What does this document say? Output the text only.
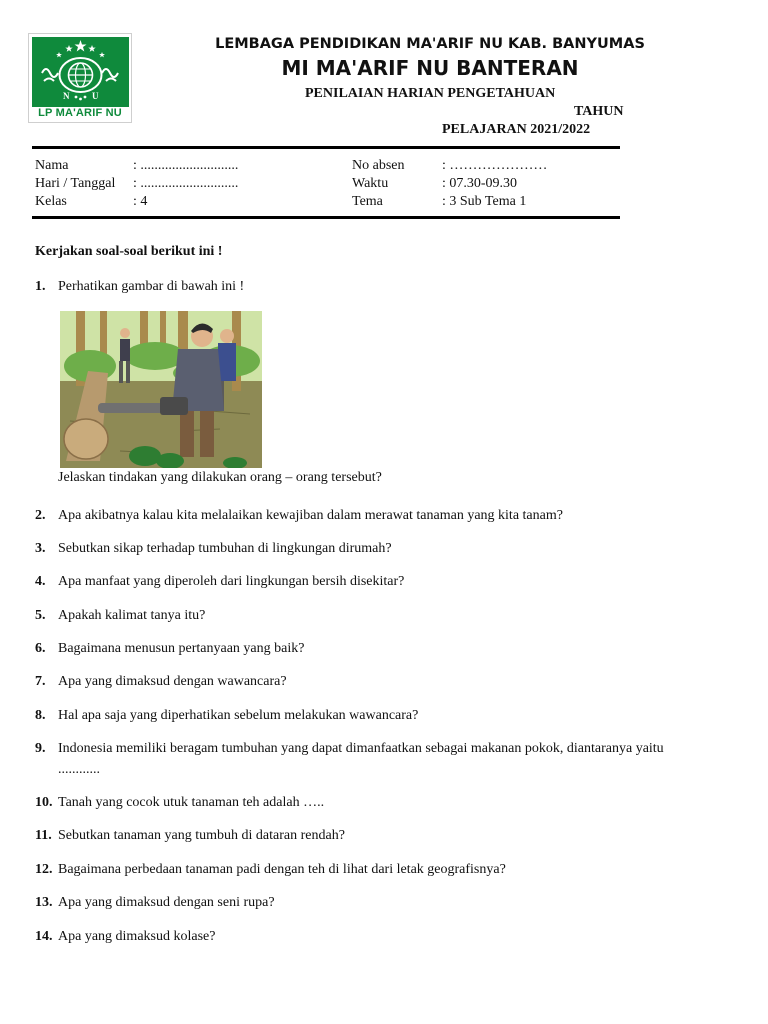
N	U
LP MA'ARIF NU
LEMBAGA PENDIDIKAN MA'ARIF NU KAB. BANYUMAS
MI MA'ARIF NU BANTERAN
PENILAIAN HARIAN PENGETAHUAN
TAHUN
PELAJARAN 2021/2022
Nama	: ............................
Hari / Tanggal : ............................
Kelas	: 4
No absen	: …………………
Waktu	: 07.30-09.30
Tema	: 3 Sub Tema 1
Kerjakan soal-soal berikut ini !
1. Perhatikan gambar di bawah ini !
Jelaskan tindakan yang dilakukan orang – orang tersebut?
2. Apa akibatnya kalau kita melalaikan kewajiban dalam merawat tanaman yang kita tanam?
3. Sebutkan sikap terhadap tumbuhan di lingkungan dirumah?
4. Apa manfaat yang diperoleh dari lingkungan bersih disekitar?
5. Apakah kalimat tanya itu?
6. Bagaimana menusun pertanyaan yang baik?
7. Apa yang dimaksud dengan wawancara?
8. Hal apa saja yang diperhatikan sebelum melakukan wawancara?
9. Indonesia memiliki beragam tumbuhan yang dapat dimanfaatkan sebagai makanan pokok, diantaranya yaitu ............
10. Tanah yang cocok utuk tanaman teh adalah …..
11. Sebutkan tanaman yang tumbuh di dataran rendah?
12. Bagaimana perbedaan tanaman padi dengan teh di lihat dari letak geografisnya?
13. Apa yang dimaksud dengan seni rupa?
14. Apa yang dimaksud kolase?
